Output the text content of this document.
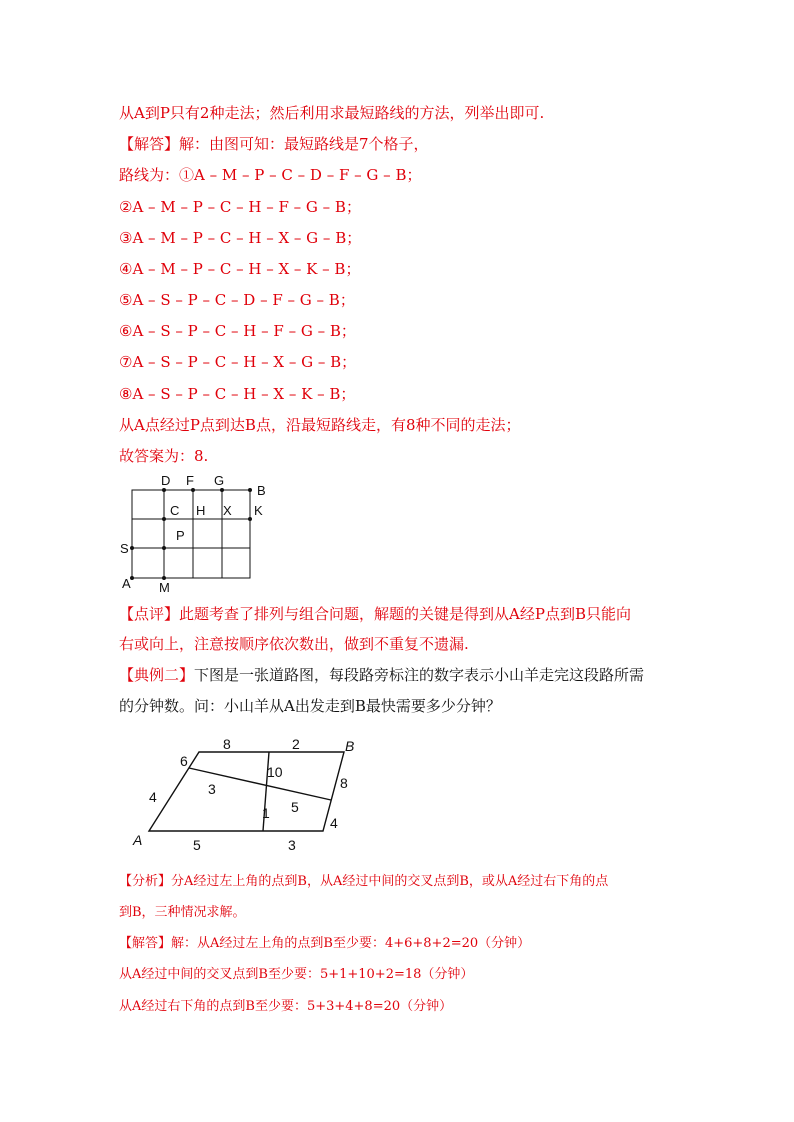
从A到P只有2种走法；然后利用求最短路线的方法，列举出即可.
【解答】解：由图可知：最短路线是7个格子，
路线为：①A – M – P – C – D – F – G – B；
②A – M – P – C – H – F – G – B；
③A – M – P – C – H – X – G – B；
④A – M – P – C – H – X – K – B；
⑤A – S – P – C – D – F – G – B；
⑥A – S – P – C – H – F – G – B；
⑦A – S – P – C – H – X – G – B；
⑧A – S – P – C – H – X – K – B；
从A点经过P点到达B点，沿最短路线走，有8种不同的走法；
故答案为：8.
D F G
B
C H X K
P
S
A M
【点评】此题考查了排列与组合问题，解题的关键是得到从A经P点到B只能向
右或向上，注意按顺序依次数出，做到不重复不遗漏.
【典例二】下图是一张道路图，每段路旁标注的数字表示小山羊走完这段路所需
的分钟数。问：小山羊从A出发走到B最快需要多少分钟？
8	2	B
6
10
8
4	3
5
1
4
A	5	3
【分析】分A经过左上角的点到B，从A经过中间的交叉点到B，或从A经过右下角的点
到B，三种情况求解。
【解答】解：从A经过左上角的点到B至少要：4+6+8+2=20（分钟）
从A经过中间的交叉点到B至少要：5+1+10+2=18（分钟）
从A经过右下角的点到B至少要：5+3+4+8=20（分钟）
